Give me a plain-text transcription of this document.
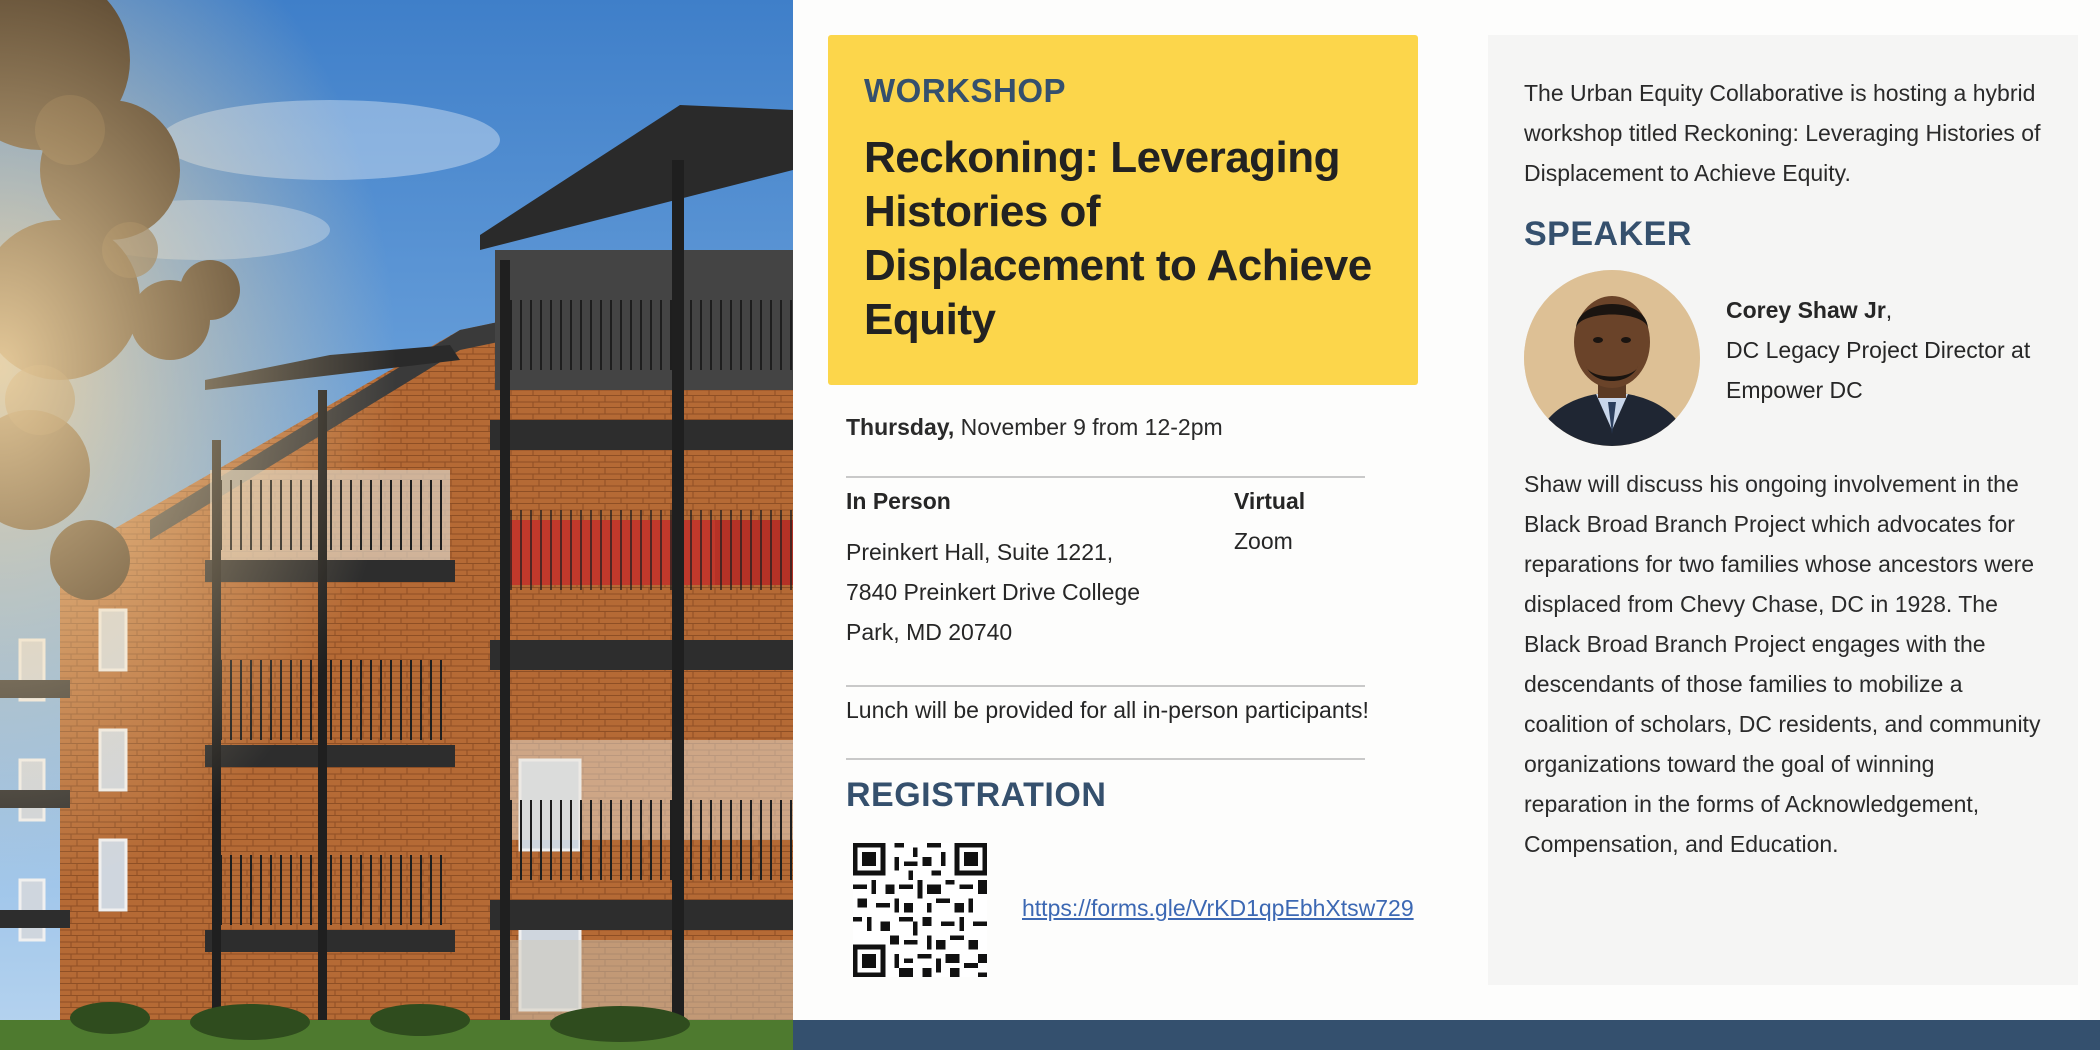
WORKSHOP

Reckoning: Leveraging Histories of Displacement to Achieve Equity
Thursday, November 9 from 12-2pm
In Person
Preinkert Hall, Suite 1221,
7840 Preinkert Drive College
Park, MD 20740
Virtual
Zoom
Lunch will be provided for all in-person participants!
REGISTRATION
https://forms.gle/VrKD1qpEbhXtsw729

The Urban Equity Collaborative is hosting a hybrid workshop titled Reckoning: Leveraging Histories of Displacement to Achieve Equity.

SPEAKER
Corey Shaw Jr,
DC Legacy Project Director at
Empower DC

Shaw will discuss his ongoing involvement in the Black Broad Branch Project which advocates for reparations for two families whose ancestors were displaced from Chevy Chase, DC in 1928. The Black Broad Branch Project engages with the descendants of those families to mobilize a coalition of scholars, DC residents, and community organizations toward the goal of winning reparation in the forms of Acknowledgement, Compensation, and Education.
